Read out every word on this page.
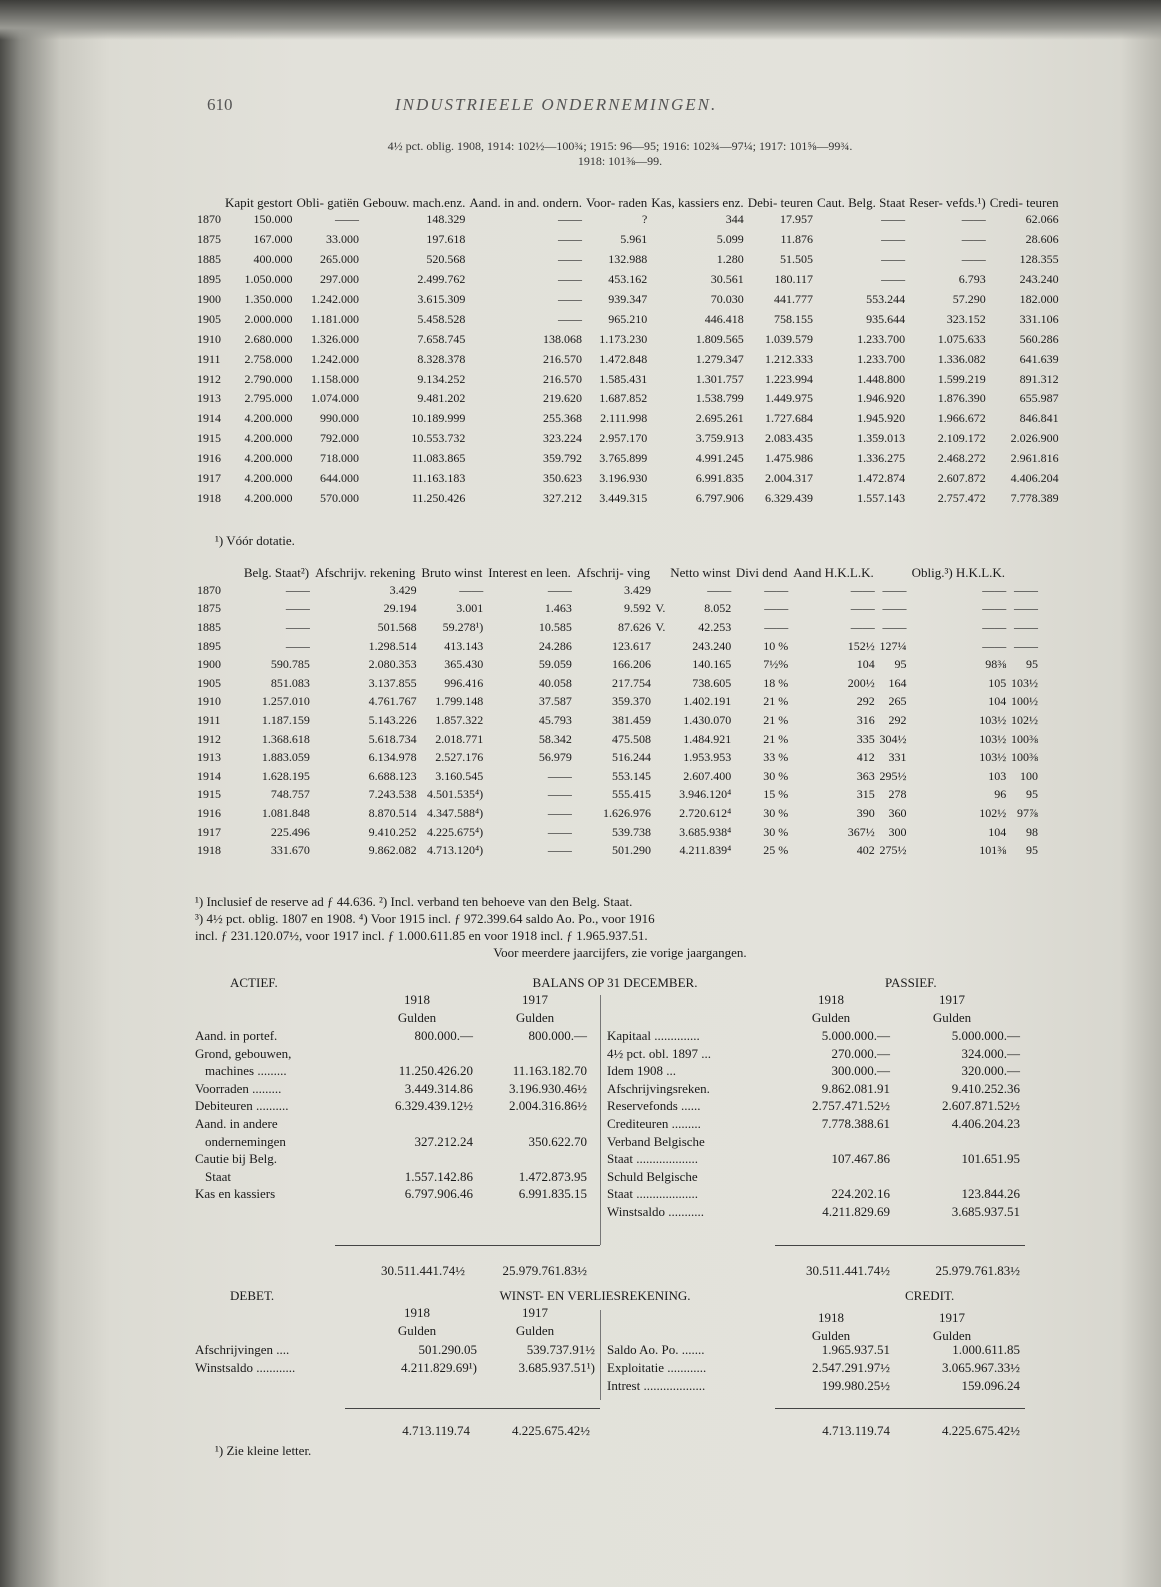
610	INDUSTRIEELE ONDERNEMINGEN.
4½ pct. oblig. 1908, 1914: 102½—100¾; 1915: 96—95; 1916: 102¾—97¼; 1917: 101⅝—99¾.
1918: 101⅜—99.
	Kapit gestort	Obli- gatiën	Gebouw. mach.enz.	Aand. in and. ondern.	Voor- raden	Kas, kassiers enz.	Debi- teuren	Caut. Belg. Staat	Reser- vefds.¹)	Credi- teuren
1870	150.000	——	148.329	——	?	344	17.957	——	——	62.066
1875	167.000	33.000	197.618	——	5.961	5.099	11.876	——	——	28.606
1885	400.000	265.000	520.568	——	132.988	1.280	51.505	——	——	128.355
1895	1.050.000	297.000	2.499.762	——	453.162	30.561	180.117	——	6.793	243.240
1900	1.350.000	1.242.000	3.615.309	——	939.347	70.030	441.777	553.244	57.290	182.000
1905	2.000.000	1.181.000	5.458.528	——	965.210	446.418	758.155	935.644	323.152	331.106
1910	2.680.000	1.326.000	7.658.745	138.068	1.173.230	1.809.565	1.039.579	1.233.700	1.075.633	560.286
1911	2.758.000	1.242.000	8.328.378	216.570	1.472.848	1.279.347	1.212.333	1.233.700	1.336.082	641.639
1912	2.790.000	1.158.000	9.134.252	216.570	1.585.431	1.301.757	1.223.994	1.448.800	1.599.219	891.312
1913	2.795.000	1.074.000	9.481.202	219.620	1.687.852	1.538.799	1.449.975	1.946.920	1.876.390	655.987
1914	4.200.000	990.000	10.189.999	255.368	2.111.998	2.695.261	1.727.684	1.945.920	1.966.672	846.841
1915	4.200.000	792.000	10.553.732	323.224	2.957.170	3.759.913	2.083.435	1.359.013	2.109.172	2.026.900
1916	4.200.000	718.000	11.083.865	359.792	3.765.899	4.991.245	1.475.986	1.336.275	2.468.272	2.961.816
1917	4.200.000	644.000	11.163.183	350.623	3.196.930	6.991.835	2.004.317	1.472.874	2.607.872	4.406.204
1918	4.200.000	570.000	11.250.426	327.212	3.449.315	6.797.906	6.329.439	1.557.143	2.757.472	7.778.389
¹) Vóór dotatie.
	Belg. Staat²)	Afschrijv. rekening	Bruto winst	Interest en leen.	Afschrij- ving		Netto winst	Divi dend	Aand H.K.L.K.		Oblig.³) H.K.L.K.	
1870	——	3.429	——	——	3.429		——	——	——	——	——	——
1875	——	29.194	3.001	1.463	9.592	V.	8.052	——	——	——	——	——
1885	——	501.568	59.278¹)	10.585	87.626	V.	42.253	——	——	——	——	——
1895	——	1.298.514	413.143	24.286	123.617		243.240	10 %	152½	127¼	——	——
1900	590.785	2.080.353	365.430	59.059	166.206		140.165	7½%	104	95	98⅜	95
1905	851.083	3.137.855	996.416	40.058	217.754		738.605	18 %	200½	164	105	103½
1910	1.257.010	4.761.767	1.799.148	37.587	359.370		1.402.191	21 %	292	265	104	100½
1911	1.187.159	5.143.226	1.857.322	45.793	381.459		1.430.070	21 %	316	292	103½	102½
1912	1.368.618	5.618.734	2.018.771	58.342	475.508		1.484.921	21 %	335	304½	103½	100⅜
1913	1.883.059	6.134.978	2.527.176	56.979	516.244		1.953.953	33 %	412	331	103½	100⅜
1914	1.628.195	6.688.123	3.160.545	——	553.145		2.607.400	30 %	363	295½	103	100
1915	748.757	7.243.538	4.501.535⁴)	——	555.415		3.946.120⁴	15 %	315	278	96	95
1916	1.081.848	8.870.514	4.347.588⁴)	——	1.626.976		2.720.612⁴	30 %	390	360	102½	97⅞
1917	225.496	9.410.252	4.225.675⁴)	——	539.738		3.685.938⁴	30 %	367½	300	104	98
1918	331.670	9.862.082	4.713.120⁴)	——	501.290		4.211.839⁴	25 %	402	275½	101⅜	95
¹) Inclusief de reserve ad ƒ 44.636. ²) Incl. verband ten behoeve van den Belg. Staat.
³) 4½ pct. oblig. 1807 en 1908. ⁴) Voor 1915 incl. ƒ 972.399.64 saldo Ao. Po., voor 1916
incl. ƒ 231.120.07½, voor 1917 incl. ƒ 1.000.611.85 en voor 1918 incl. ƒ 1.965.937.51.
Voor meerdere jaarcijfers, zie vorige jaargangen.
ACTIEF.	BALANS OP 31 DECEMBER.	PASSIEF.
1918	1917	1918	1917
Gulden	Gulden	Gulden	Gulden
Aand. in portef.	800.000.—	800.000.—
Grond, gebouwen,
machines .........	11.250.426.20	11.163.182.70
Voorraden .........	3.449.314.86	3.196.930.46½
Debiteuren ..........	6.329.439.12½	2.004.316.86½
Aand. in andere
ondernemingen	327.212.24	350.622.70
Cautie bij Belg.
Staat	1.557.142.86	1.472.873.95
Kas en kassiers	6.797.906.46	6.991.835.15
Kapitaal ..............	5.000.000.—	5.000.000.—
4½ pct. obl. 1897 ...	270.000.—	324.000.—
Idem 1908 ...	300.000.—	320.000.—
Afschrijvingsreken.	9.862.081.91	9.410.252.36
Reservefonds ......	2.757.471.52½	2.607.871.52½
Crediteuren .........	7.778.388.61	4.406.204.23
Verband Belgische
Staat ...................	107.467.86	101.651.95
Schuld Belgische
Staat ...................	224.202.16	123.844.26
Winstsaldo ...........	4.211.829.69	3.685.937.51
30.511.441.74½	25.979.761.83½	30.511.441.74½	25.979.761.83½
DEBET.	WINST- EN VERLIESREKENING.	CREDIT.
1918	1917	1918	1917
Gulden	Gulden	Gulden	Gulden
Afschrijvingen ....	501.290.05	539.737.91½
Winstsaldo ............	4.211.829.69¹)	3.685.937.51¹)
Saldo Ao. Po. .......	1.965.937.51	1.000.611.85
Exploitatie ............	2.547.291.97½	3.065.967.33½
Intrest ...................	199.980.25½	159.096.24
4.713.119.74	4.225.675.42½	4.713.119.74	4.225.675.42½
¹) Zie kleine letter.
